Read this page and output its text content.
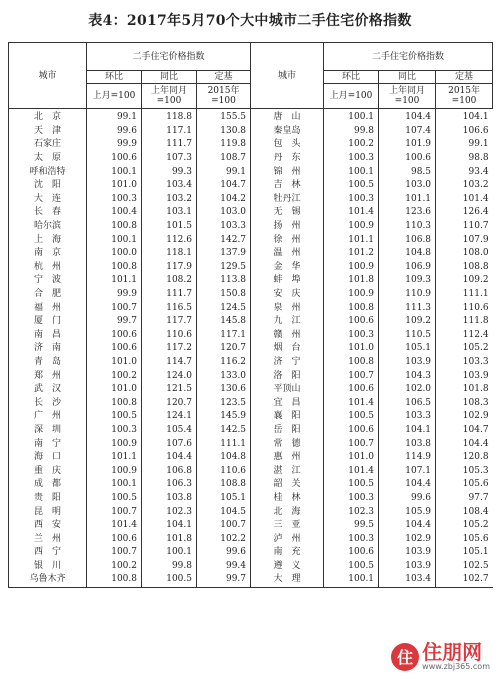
表4：2017年5月70个大中城市二手住宅价格指数
城市	二手住宅价格指数			城市	二手住宅价格指数		
	环比	同比	定基		环比	同比	定基
	上月=100	上年同月=100	2015年=100		上月=100	上年同月=100	2015年=100
北　京	99.1	118.8	155.5	唐　山	100.1	104.4	104.1
天　津	99.6	117.1	130.8	秦皇岛	99.8	107.4	106.6
石家庄	99.9	111.7	119.8	包　头	100.2	101.9	99.1
太　原	100.6	107.3	108.7	丹　东	100.3	100.6	98.8
呼和浩特	100.1	99.3	99.1	锦　州	100.1	98.5	93.4
沈　阳	101.0	103.4	104.7	吉　林	100.5	103.0	103.2
大　连	100.3	103.2	104.2	牡丹江	100.3	101.1	101.4
长　春	100.4	103.1	103.0	无　锡	101.4	123.6	126.4
哈尔滨	100.8	101.5	103.3	扬　州	100.9	110.3	110.7
上　海	100.1	112.6	142.7	徐　州	101.1	106.8	107.9
南　京	100.0	118.1	137.9	温　州	101.2	104.8	108.0
杭　州	100.8	117.9	129.5	金　华	100.9	106.9	108.8
宁　波	101.1	108.2	113.8	蚌　埠	101.8	109.3	109.2
合　肥	99.9	111.7	150.8	安　庆	100.9	110.9	111.1
福　州	100.7	116.5	124.5	泉　州	100.8	111.3	110.6
厦　门	99.7	117.7	145.8	九　江	100.6	109.2	111.8
南　昌	100.6	110.6	117.1	赣　州	100.3	110.5	112.4
济　南	100.6	117.2	120.7	烟　台	101.0	105.1	105.2
青　岛	101.0	114.7	116.2	济　宁	100.8	103.9	103.3
郑　州	100.2	124.0	133.0	洛　阳	100.7	104.3	103.9
武　汉	101.0	121.5	130.6	平顶山	100.6	102.0	101.8
长　沙	100.8	120.7	123.5	宜　昌	101.4	106.5	108.3
广　州	100.5	124.1	145.9	襄　阳	100.5	103.3	102.9
深　圳	100.3	105.4	142.5	岳　阳	100.6	104.1	104.7
南　宁	100.9	107.6	111.1	常　德	100.7	103.8	104.4
海　口	101.1	104.4	104.8	惠　州	101.0	114.9	120.8
重　庆	100.9	106.8	110.6	湛　江	101.4	107.1	105.3
成　都	100.1	106.3	108.8	韶　关	100.5	104.4	105.6
贵　阳	100.5	103.8	105.1	桂　林	100.3	99.6	97.7
昆　明	100.7	102.3	104.5	北　海	102.3	105.9	108.4
西　安	101.4	104.1	100.7	三　亚	99.5	104.4	105.2
兰　州	100.6	101.8	102.2	泸　州	100.3	102.9	105.6
西　宁	100.7	100.1	99.6	南　充	100.6	103.9	105.1
银　川	100.2	99.8	99.4	遵　义	100.5	103.9	102.5
乌鲁木齐	100.8	100.5	99.7	大　理	100.1	103.4	102.7
住 住朋网
www.zbj365.com
